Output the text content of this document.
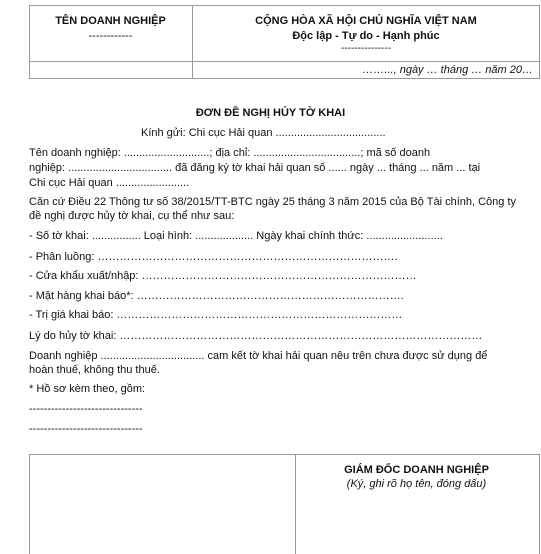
TÊN DOANH NGHIỆP
------------
CỘNG HÒA XÃ HỘI CHỦ NGHĨA VIỆT NAM
Độc lập - Tự do - Hạnh phúc
---------------
……..., ngày … tháng … năm 20…
ĐƠN ĐỀ NGHỊ HỦY TỜ KHAI
Kính gửi: Chi cục Hải quan ....................................
Tên doanh nghiệp: ............................; địa chỉ: ...................................; mã số doanh
nghiệp: .................................. đã đăng ký tờ khai hải quan số ...... ngày ... tháng ... năm ... tại
Chi cục Hải quan ........................
Căn cứ Điều 22 Thông tư số 38/2015/TT-BTC ngày 25 tháng 3 năm 2015 của Bộ Tài chính, Công ty
đề nghị được hủy tờ khai, cụ thể như sau:
- Số tờ khai: ................ Loại hình: ................... Ngày khai chính thức: .........................
- Phân luồng: ……………………………………………………………………….
- Cửa khẩu xuất/nhập: …………………………………………………………………
- Mặt hàng khai báo*: ……………………………………………………………….
- Trị giá khai báo: ……………………………………………………………………
Lý do hủy tờ khai: ………………………………………………………………………………………
Doanh nghiệp .................................. cam kết tờ khai hải quan nêu trên chưa được sử dụng để
hoàn thuế, không thu thuế.
* Hồ sơ kèm theo, gồm:
-------------------------------
-------------------------------
GIÁM ĐỐC DOANH NGHIỆP
(Ký, ghi rõ họ tên, đóng dấu)
